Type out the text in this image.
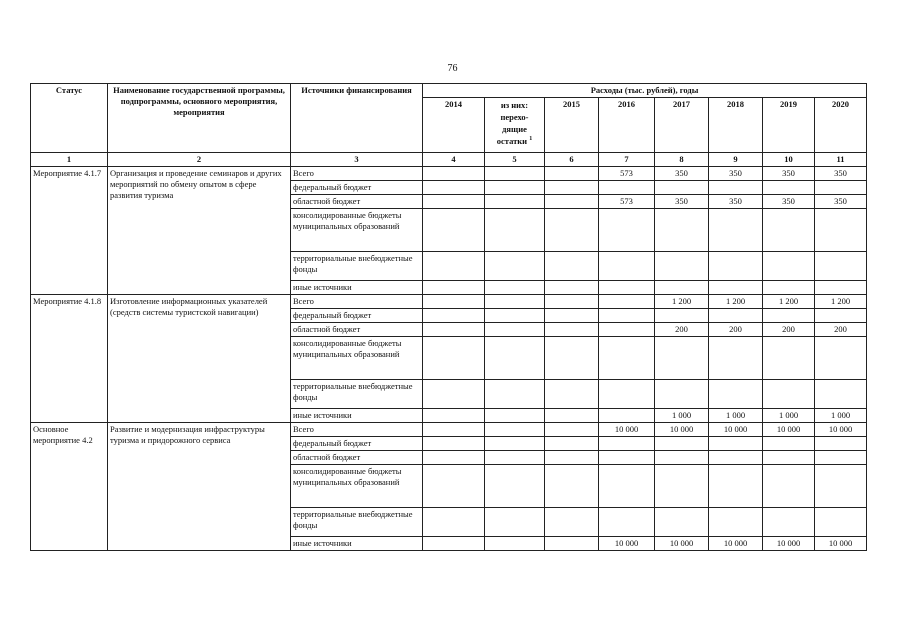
76
Статус	Наименование государственной программы, подпрограммы, основного мероприятия, мероприятия	Источники финансирования	Расходы (тыс. рублей), годы							
			2014	из них:
перехо-
дящие
остатки $^1$	2015	2016	2017	2018	2019	2020
1	2	3	4	5	6	7	8	9	10	11
Мероприятие 4.1.7	Организация и проведение семинаров и других мероприятий по обмену опытом в сфере развития туризма	Всего				573	350	350	350	350
		федеральный бюджет								
		областной бюджет				573	350	350	350	350
		консолидированные бюджеты муниципальных образований								
		территориальные внебюджетные фонды								
		иные источники								
Мероприятие 4.1.8	Изготовление информационных указателей (средств системы туристской навигации)	Всего					1 200	1 200	1 200	1 200
		федеральный бюджет								
		областной бюджет					200	200	200	200
		консолидированные бюджеты муниципальных образований								
		территориальные внебюджетные фонды								
		иные источники					1 000	1 000	1 000	1 000
Основное мероприятие 4.2	Развитие и модернизация инфраструктуры туризма и придорожного сервиса	Всего				10 000	10 000	10 000	10 000	10 000
		федеральный бюджет								
		областной бюджет								
		консолидированные бюджеты муниципальных образований								
		территориальные внебюджетные фонды								
		иные источники				10 000	10 000	10 000	10 000	10 000
